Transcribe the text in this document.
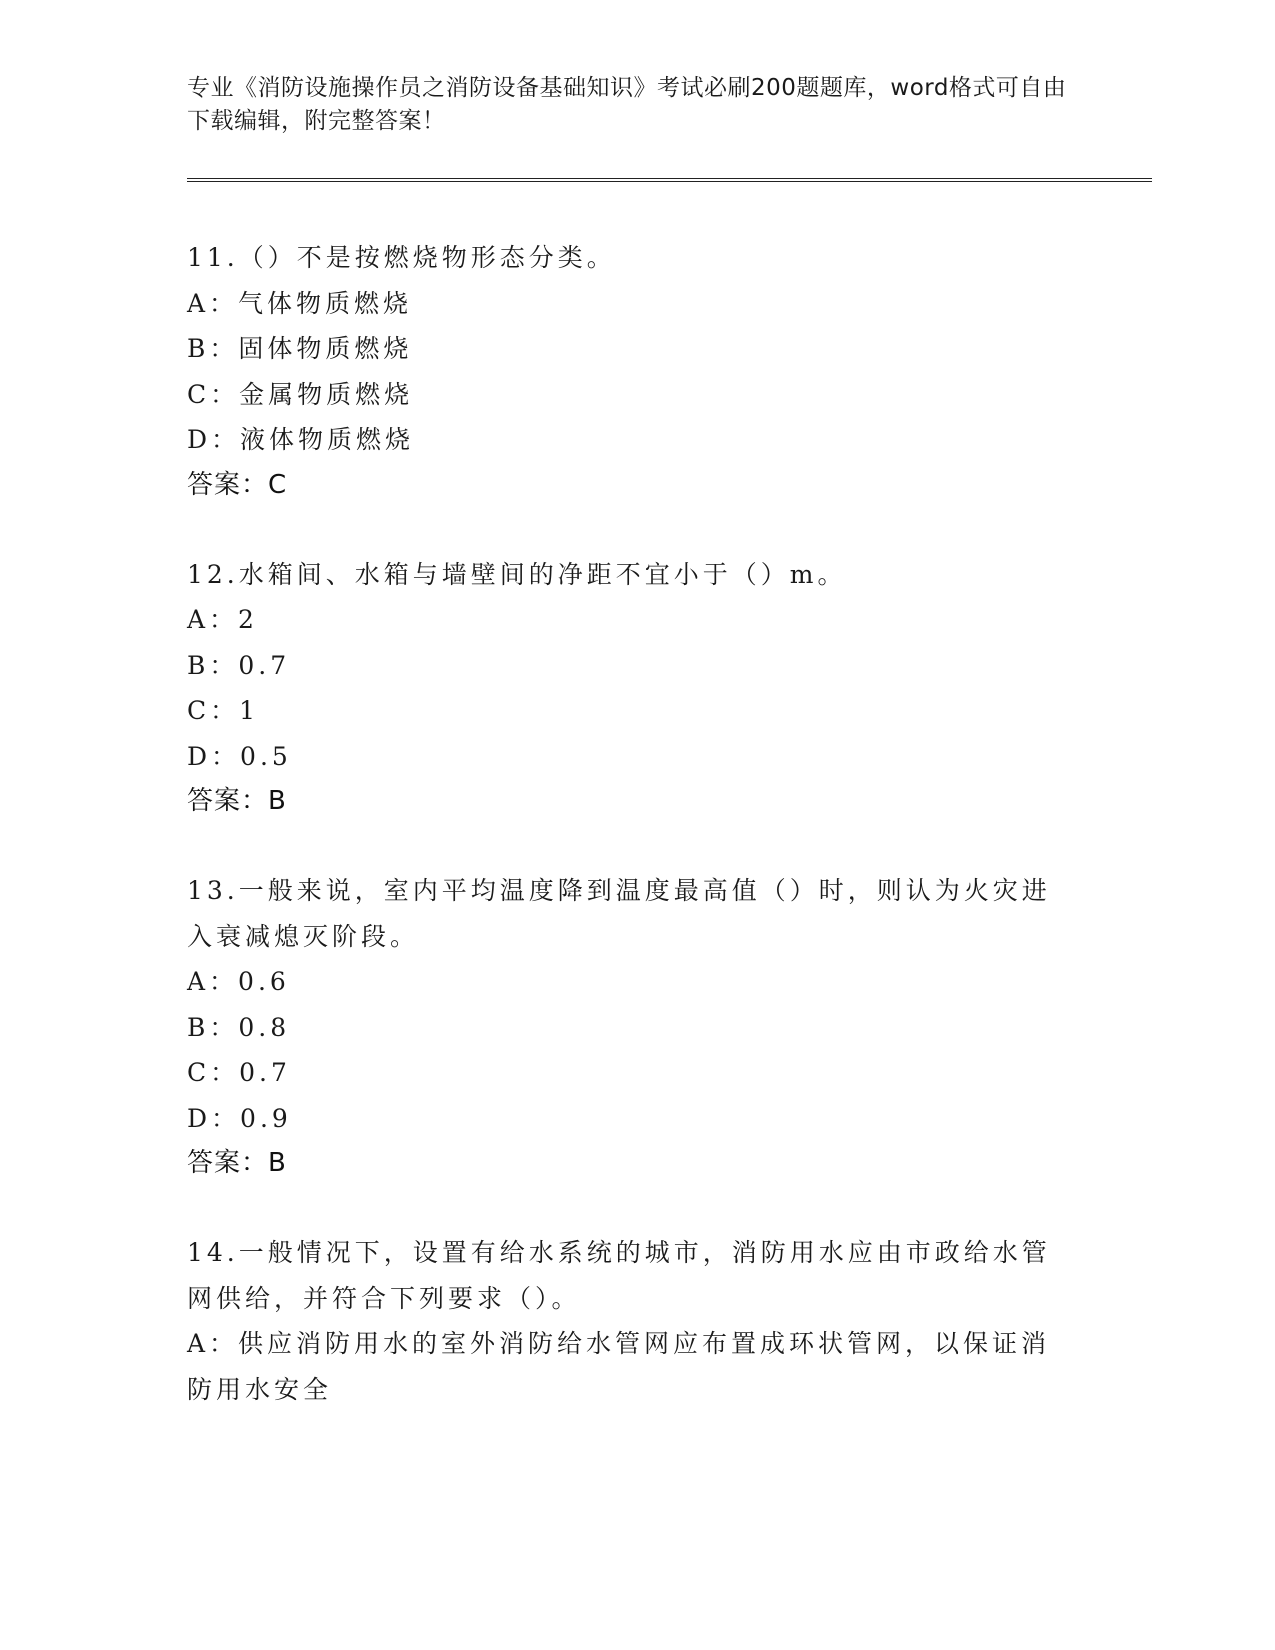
专业《消防设施操作员之消防设备基础知识》考试必刷200题题库，word格式可自由下载编辑，附完整答案！
11.（）不是按燃烧物形态分类。
A：气体物质燃烧
B：固体物质燃烧
C：金属物质燃烧
D：液体物质燃烧
答案：C
12.水箱间、水箱与墙壁间的净距不宜小于（）m。
A：2
B：0.7
C：1
D：0.5
答案：B
13.一般来说，室内平均温度降到温度最高值（）时，则认为火灾进入衰减熄灭阶段。
A：0.6
B：0.8
C：0.7
D：0.9
答案：B
14.一般情况下，设置有给水系统的城市，消防用水应由市政给水管网供给，并符合下列要求（）。
A：供应消防用水的室外消防给水管网应布置成环状管网，以保证消防用水安全
